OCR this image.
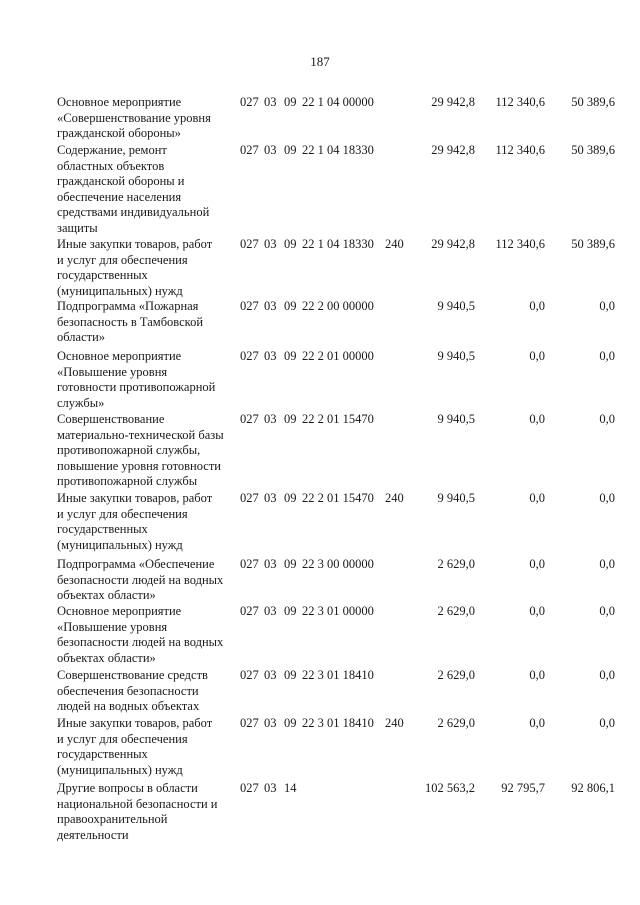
187
Основное мероприятие
«Совершенствование уровня
гражданской обороны»
027 03 09 22 1 04 00000	29 942,8	112 340,6	50 389,6
Содержание, ремонт
областных объектов
гражданской обороны и
обеспечение населения
средствами индивидуальной
защиты
027 03 09 22 1 04 18330	29 942,8	112 340,6	50 389,6
Иные закупки товаров, работ
и услуг для обеспечения
государственных
(муниципальных) нужд
027 03 09 22 1 04 18330 240	29 942,8	112 340,6	50 389,6
Подпрограмма «Пожарная
безопасность в Тамбовской
области»
027 03 09 22 2 00 00000	9 940,5	0,0	0,0
Основное мероприятие
«Повышение уровня
готовности противопожарной
службы»
027 03 09 22 2 01 00000	9 940,5	0,0	0,0
Совершенствование
материально-технической базы
противопожарной службы,
повышение уровня готовности
противопожарной службы
027 03 09 22 2 01 15470	9 940,5	0,0	0,0
Иные закупки товаров, работ
и услуг для обеспечения
государственных
(муниципальных) нужд
027 03 09 22 2 01 15470 240	9 940,5	0,0	0,0
Подпрограмма «Обеспечение
безопасности людей на водных
объектах области»
027 03 09 22 3 00 00000	2 629,0	0,0	0,0
Основное мероприятие
«Повышение уровня
безопасности людей на водных
объектах области»
027 03 09 22 3 01 00000	2 629,0	0,0	0,0
Совершенствование средств
обеспечения безопасности
людей на водных объектах
027 03 09 22 3 01 18410	2 629,0	0,0	0,0
Иные закупки товаров, работ
и услуг для обеспечения
государственных
(муниципальных) нужд
027 03 09 22 3 01 18410 240	2 629,0	0,0	0,0
Другие вопросы в области
национальной безопасности и
правоохранительной
деятельности
027 03 14	102 563,2	92 795,7	92 806,1
